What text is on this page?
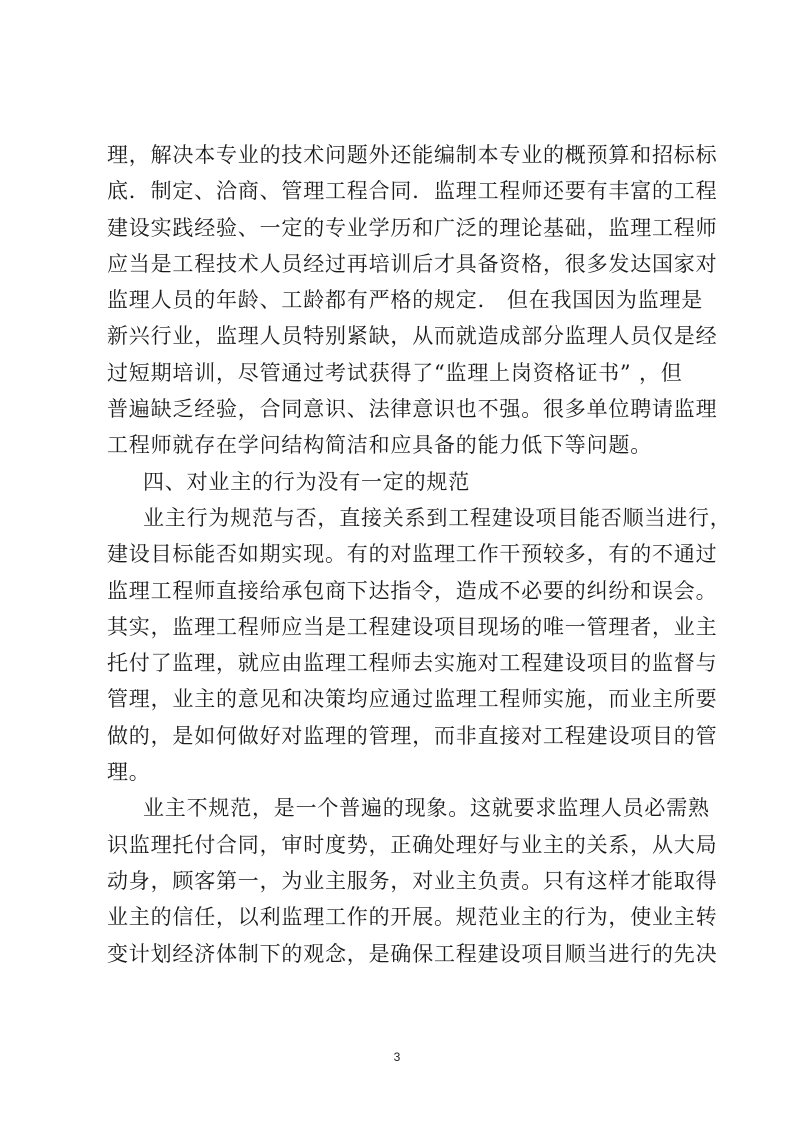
理，解决本专业的技术问题外还能编制本专业的概预算和招标标
底．制定、洽商、管理工程合同．监理工程师还要有丰富的工程
建设实践经验、一定的专业学历和广泛的理论基础，监理工程师
应当是工程技术人员经过再培训后才具备资格，很多发达国家对
监理人员的年龄、工龄都有严格的规定． 但在我国因为监理是
新兴行业，监理人员特别紧缺，从而就造成部分监理人员仅是经
过短期培训，尽管通过考试获得了“监理上岗资格证书” ，但
普遍缺乏经验，合同意识、法律意识也不强。很多单位聘请监理
工程师就存在学问结构简洁和应具备的能力低下等问题。
四、对业主的行为没有一定的规范
业主行为规范与否，直接关系到工程建设项目能否顺当进行，
建设目标能否如期实现。有的对监理工作干预较多，有的不通过
监理工程师直接给承包商下达指令，造成不必要的纠纷和误会。
其实，监理工程师应当是工程建设项目现场的唯一管理者，业主
托付了监理，就应由监理工程师去实施对工程建设项目的监督与
管理，业主的意见和决策均应通过监理工程师实施，而业主所要
做的，是如何做好对监理的管理，而非直接对工程建设项目的管
理。
业主不规范，是一个普遍的现象。这就要求监理人员必需熟
识监理托付合同，审时度势，正确处理好与业主的关系，从大局
动身，顾客第一，为业主服务，对业主负责。只有这样才能取得
业主的信任，以利监理工作的开展。规范业主的行为，使业主转
变计划经济体制下的观念，是确保工程建设项目顺当进行的先决
3
